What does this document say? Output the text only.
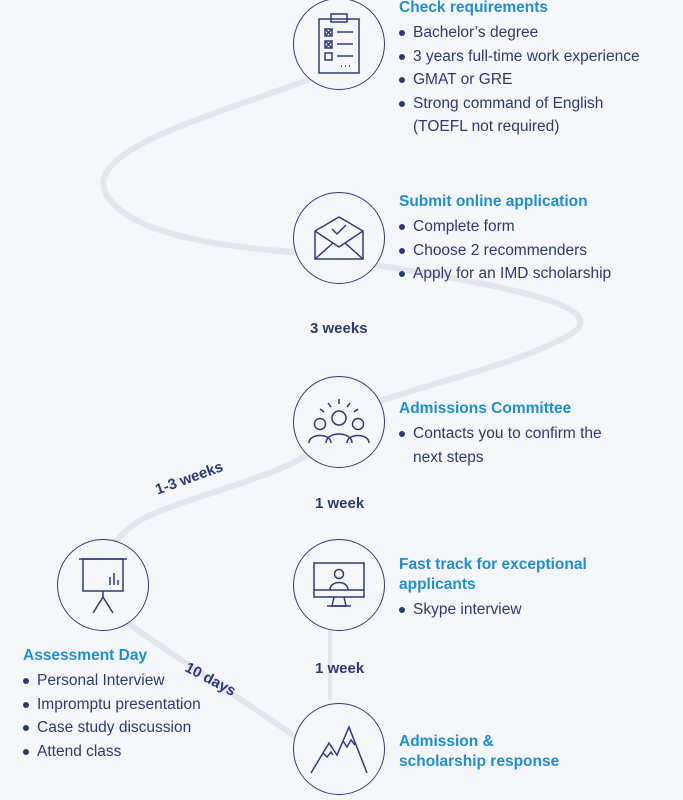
Check requirements
Bachelor’s degree
3 years full-time work experience
GMAT or GRE
Strong command of English
(TOEFL not required)
Submit online application
Complete form
Choose 2 recommenders
Apply for an IMD scholarship
3 weeks
Admissions Committee
Contacts you to confirm the
next steps
1-3 weeks
1 week
Fast track for exceptional
applicants
Skype interview
1 week
Admission &
scholarship response
Assessment Day
Personal Interview
Impromptu presentation
Case study discussion
Attend class
10 days
